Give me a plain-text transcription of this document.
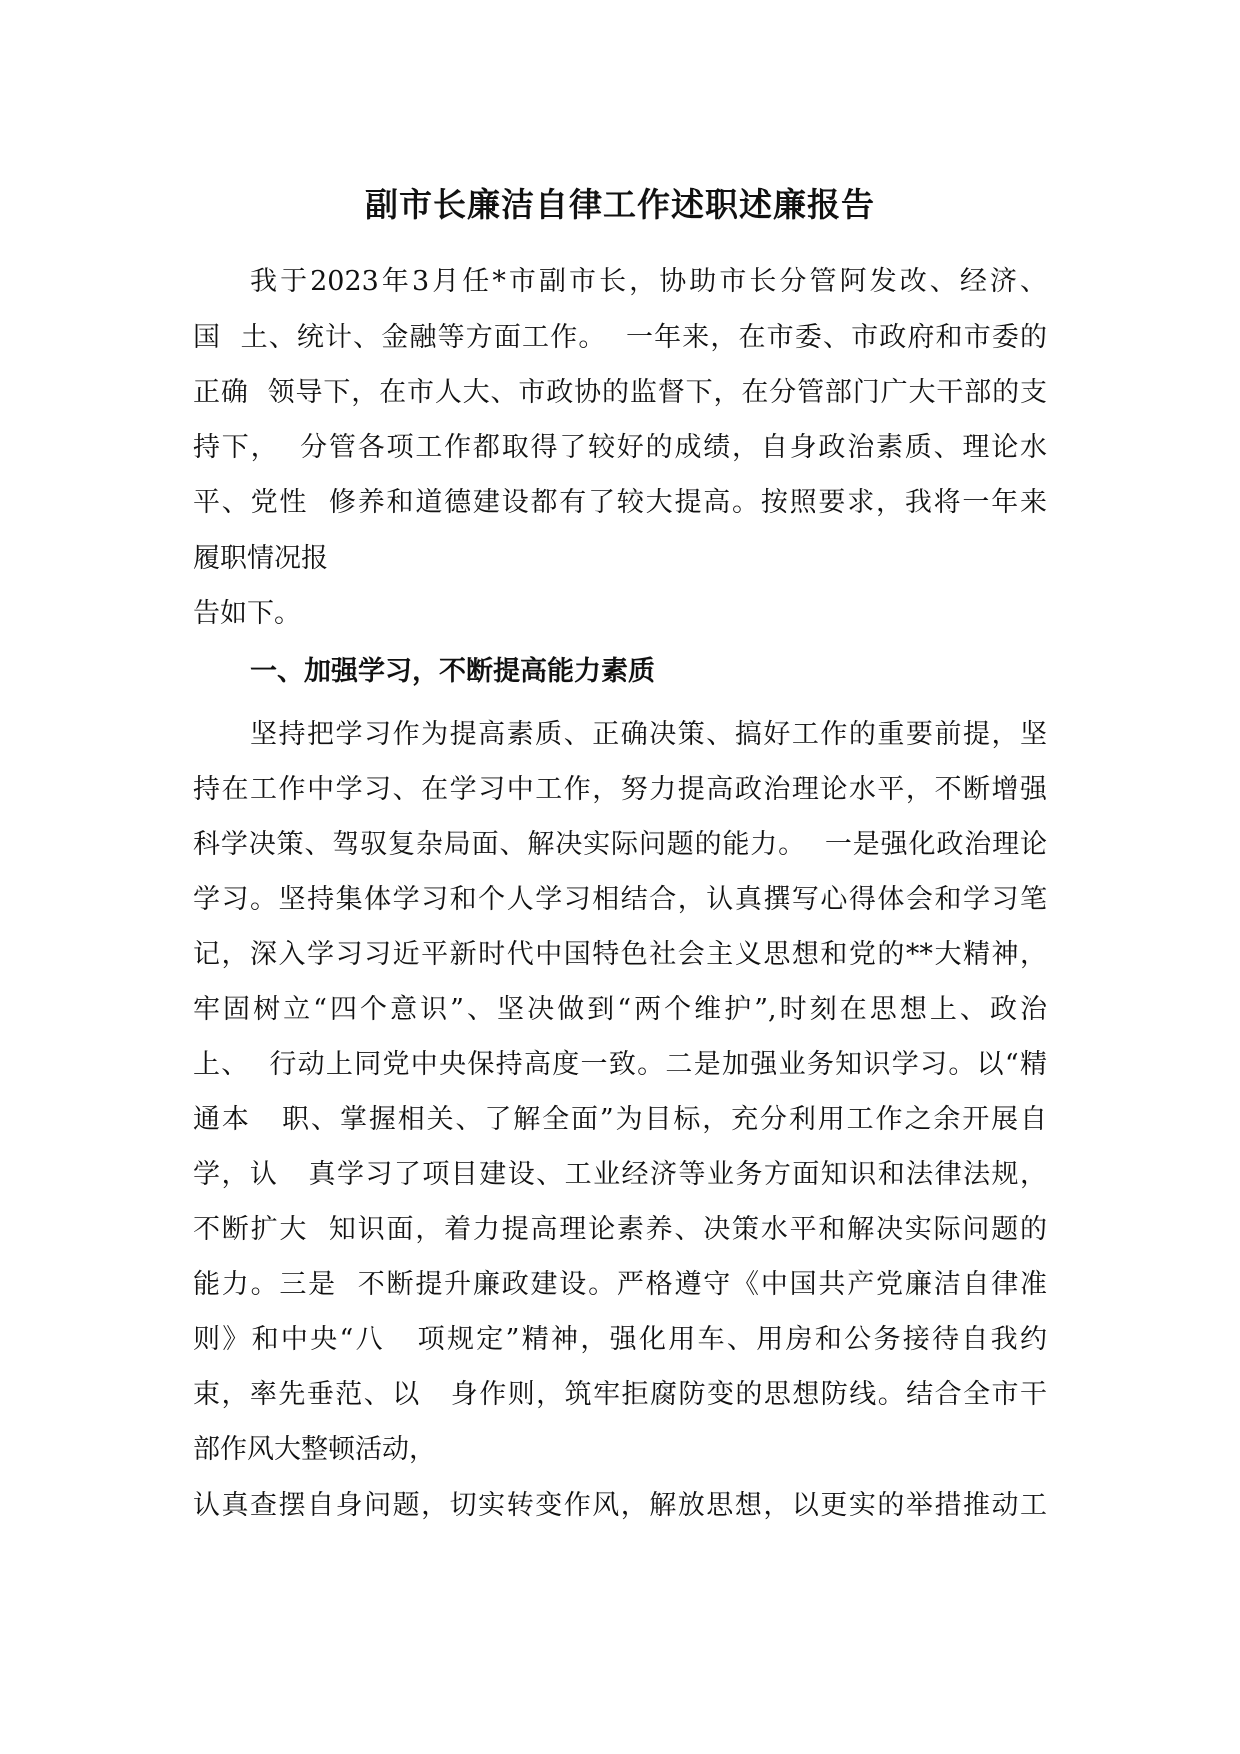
副市长廉洁自律工作述职述廉报告
我于2023年3月任*市副市长，协助市长分管阿发改、经济、
国  土、统计、金融等方面工作。  一年来，在市委、市政府和市委的
正确  领导下，在市人大、市政协的监督下，在分管部门广大干部的支
持下，  分管各项工作都取得了较好的成绩，自身政治素质、理论水
平、党性  修养和道德建设都有了较大提高。按照要求，我将一年来
履职情况报
告如下。
一、加强学习，不断提高能力素质
坚持把学习作为提高素质、正确决策、搞好工作的重要前提，坚
持在工作中学习、在学习中工作，努力提高政治理论水平，不断增强
科学决策、驾驭复杂局面、解决实际问题的能力。  一是强化政治理论
学习。坚持集体学习和个人学习相结合，认真撰写心得体会和学习笔
记，深入学习习近平新时代中国特色社会主义思想和党的**大精神，
牢固树立“四个意识”、坚决做到“两个维护”,时刻在思想上、政治
上、  行动上同党中央保持高度一致。二是加强业务知识学习。以“精
通本   职、掌握相关、了解全面”为目标，充分利用工作之余开展自
学，认   真学习了项目建设、工业经济等业务方面知识和法律法规，
不断扩大  知识面，着力提高理论素养、决策水平和解决实际问题的
能力。三是  不断提升廉政建设。严格遵守《中国共产党廉洁自律准
则》和中央“八   项规定”精神，强化用车、用房和公务接待自我约
束，率先垂范、以   身作则，筑牢拒腐防变的思想防线。结合全市干
部作风大整顿活动，
认真查摆自身问题，切实转变作风，解放思想，以更实的举措推动工
